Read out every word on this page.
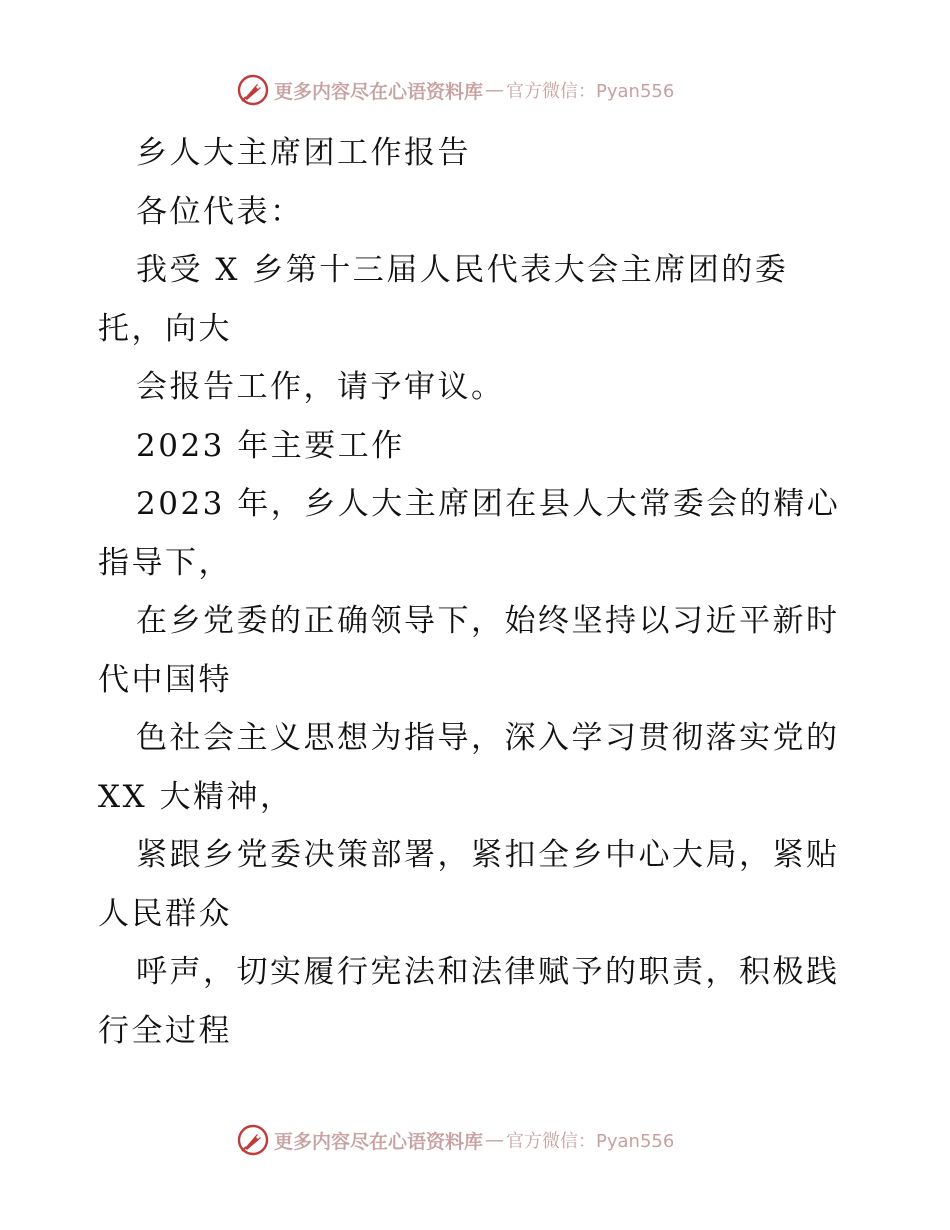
更多内容尽在心语资料库 — 官方微信：Pyan556
乡人大主席团工作报告
各位代表：
我受 X 乡第十三届人民代表大会主席团的委
托，向大
会报告工作，请予审议。
2023 年主要工作
2023 年，乡人大主席团在县人大常委会的精心
指导下，
在乡党委的正确领导下，始终坚持以习近平新时
代中国特
色社会主义思想为指导，深入学习贯彻落实党的
XX 大精神，
紧跟乡党委决策部署，紧扣全乡中心大局，紧贴
人民群众
呼声，切实履行宪法和法律赋予的职责，积极践
行全过程
更多内容尽在心语资料库 — 官方微信：Pyan556
